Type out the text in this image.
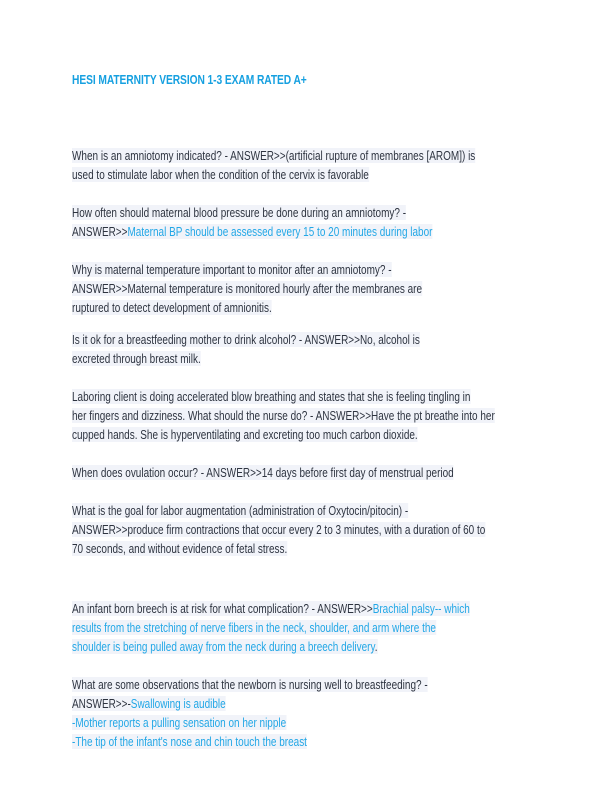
HESI MATERNITY VERSION 1-3 EXAM RATED A+
When is an amniotomy indicated? - ANSWER>>(artificial rupture of membranes [AROM]) is
used to stimulate labor when the condition of the cervix is favorable
How often should maternal blood pressure be done during an amniotomy? -
ANSWER>>Maternal BP should be assessed every 15 to 20 minutes during labor
Why is maternal temperature important to monitor after an amniotomy? -
ANSWER>>Maternal temperature is monitored hourly after the membranes are
ruptured to detect development of amnionitis.
Is it ok for a breastfeeding mother to drink alcohol? - ANSWER>>No, alcohol is
excreted through breast milk.
Laboring client is doing accelerated blow breathing and states that she is feeling tingling in
her fingers and dizziness. What should the nurse do? - ANSWER>>Have the pt breathe into her
cupped hands. She is hyperventilating and excreting too much carbon dioxide.
When does ovulation occur? - ANSWER>>14 days before first day of menstrual period
What is the goal for labor augmentation (administration of Oxytocin/pitocin) -
ANSWER>>produce firm contractions that occur every 2 to 3 minutes, with a duration of 60 to
70 seconds, and without evidence of fetal stress.
An infant born breech is at risk for what complication? - ANSWER>>Brachial palsy-- which
results from the stretching of nerve fibers in the neck, shoulder, and arm where the
shoulder is being pulled away from the neck during a breech delivery.
What are some observations that the newborn is nursing well to breastfeeding? -
ANSWER>>-Swallowing is audible
-Mother reports a pulling sensation on her nipple
-The tip of the infant's nose and chin touch the breast
